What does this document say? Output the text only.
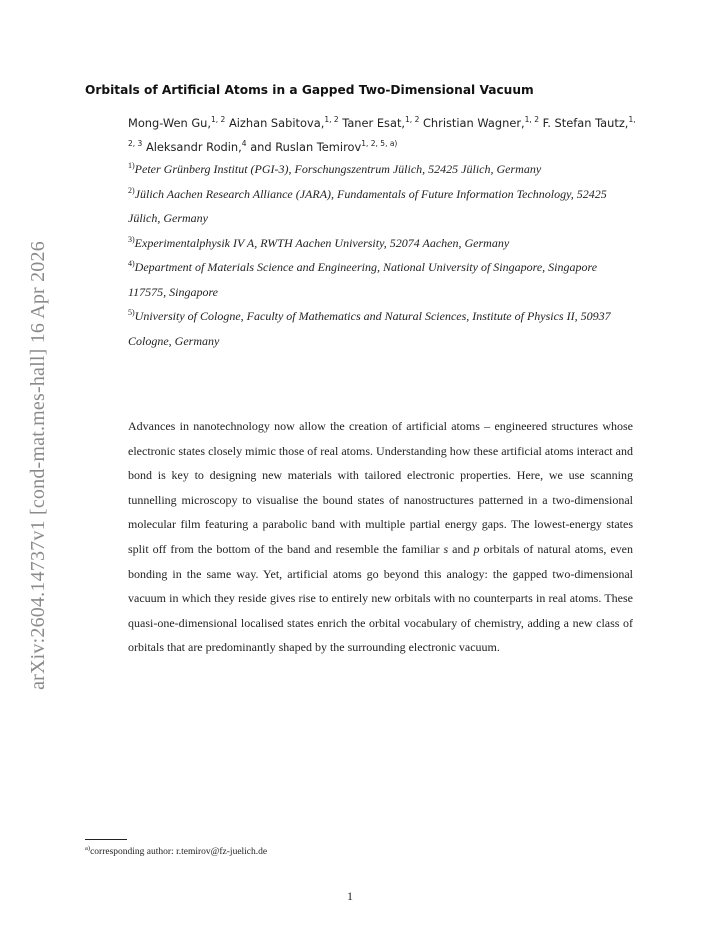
arXiv:2604.14737v1 [cond-mat.mes-hall] 16 Apr 2026
Orbitals of Artificial Atoms in a Gapped Two-Dimensional Vacuum
Mong-Wen Gu,$^{1, 2}$ Aizhan Sabitova,$^{1, 2}$ Taner Esat,$^{1, 2}$ Christian Wagner,$^{1, 2}$ F. Stefan Tautz,$^{1, 2, 3}$ Aleksandr Rodin,$^4$ and Ruslan Temirov$^{1, 2, 5, a)}$
$^{1)}$Peter Grünberg Institut (PGI-3), Forschungszentrum Jülich, 52425 Jülich, Germany
$^{2)}$Jülich Aachen Research Alliance (JARA), Fundamentals of Future Information Technology, 52425 Jülich, Germany
$^{3)}$Experimentalphysik IV A, RWTH Aachen University, 52074 Aachen, Germany
$^{4)}$Department of Materials Science and Engineering, National University of Singapore, Singapore 117575, Singapore
$^{5)}$University of Cologne, Faculty of Mathematics and Natural Sciences, Institute of Physics II, 50937 Cologne, Germany
Advances in nanotechnology now allow the creation of artificial atoms – engineered structures whose electronic states closely mimic those of real atoms. Understanding how these artificial atoms interact and bond is key to designing new materials with tailored electronic properties. Here, we use scanning tunnelling microscopy to visualise the bound states of nanostructures patterned in a two-dimensional molecular film featuring a parabolic band with multiple partial energy gaps. The lowest-energy states split off from the bottom of the band and resemble the familiar s and p orbitals of natural atoms, even bonding in the same way. Yet, artificial atoms go beyond this analogy: the gapped two-dimensional vacuum in which they reside gives rise to entirely new orbitals with no counterparts in real atoms. These quasi-one-dimensional localised states enrich the orbital vocabulary of chemistry, adding a new class of orbitals that are predominantly shaped by the surrounding electronic vacuum.
$^{a)}$corresponding author: r.temirov@fz-juelich.de
1
